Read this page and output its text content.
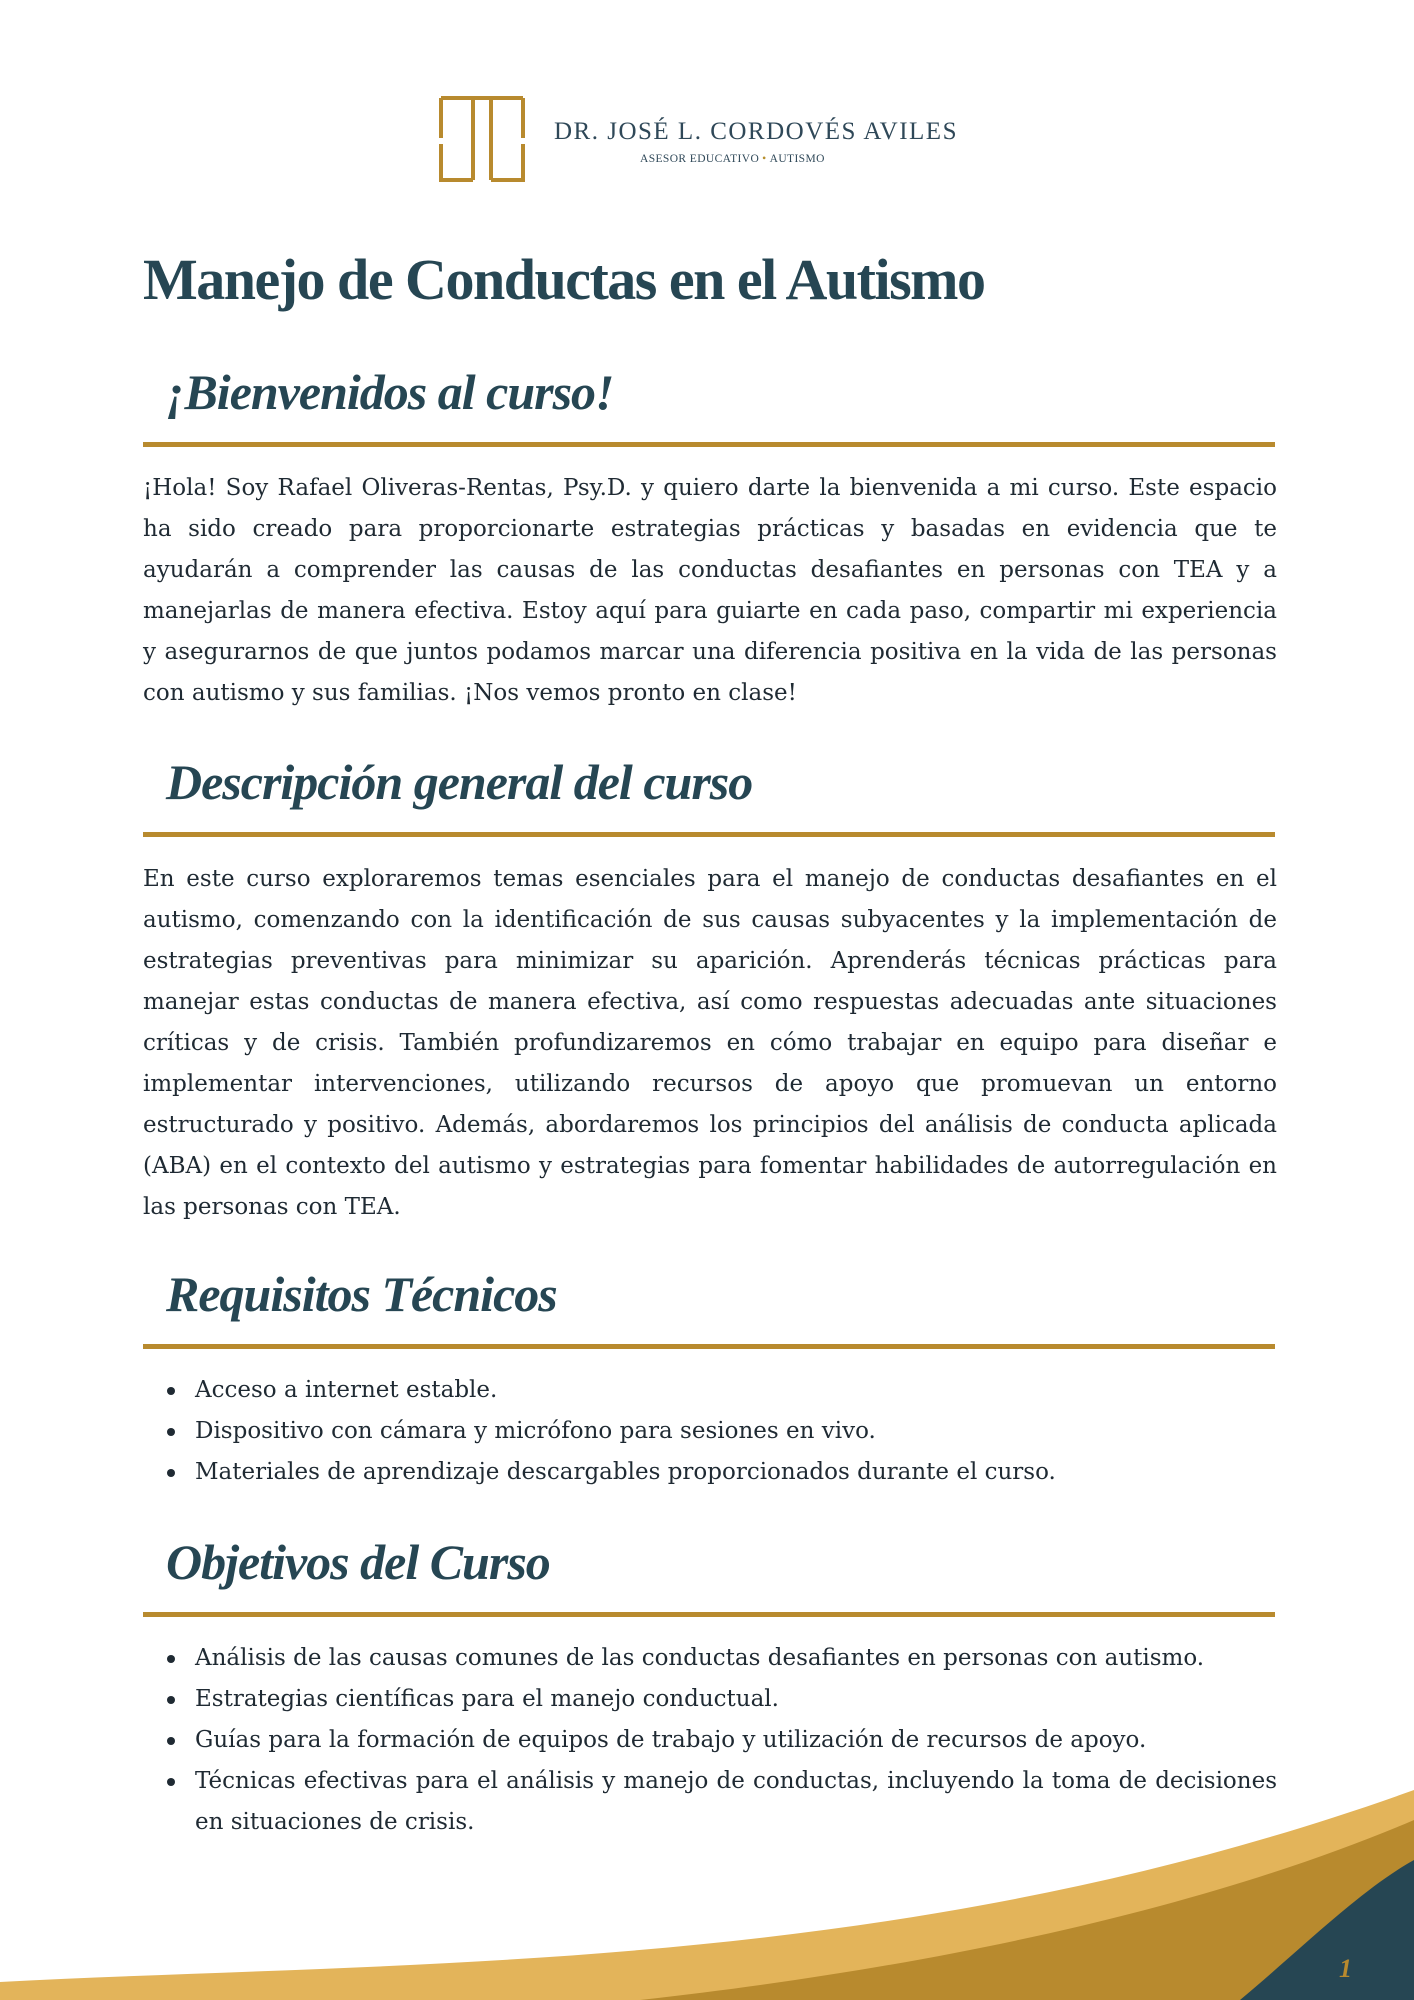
DR. JOSÉ L. CORDOVÉS AVILES
ASESOR EDUCATIVO • AUTISMO
Manejo de Conductas en el Autismo
¡Bienvenidos al curso!

¡Hola! Soy Rafael Oliveras-Rentas, Psy.D. y quiero darte la bienvenida a mi curso. Este espacio ha sido creado para proporcionarte estrategias prácticas y basadas en evidencia que te ayudarán a comprender las causas de las conductas desafiantes en personas con TEA y a manejarlas de manera efectiva. Estoy aquí para guiarte en cada paso, compartir mi experiencia y asegurarnos de que juntos podamos marcar una diferencia positiva en la vida de las personas con autismo y sus familias. ¡Nos vemos pronto en clase!

Descripción general del curso

En este curso exploraremos temas esenciales para el manejo de conductas desafiantes en el autismo, comenzando con la identificación de sus causas subyacentes y la implementación de estrategias preventivas para minimizar su aparición. Aprenderás técnicas prácticas para manejar estas conductas de manera efectiva, así como respuestas adecuadas ante situaciones críticas y de crisis. También profundizaremos en cómo trabajar en equipo para diseñar e implementar intervenciones, utilizando recursos de apoyo que promuevan un entorno estructurado y positivo. Además, abordaremos los principios del análisis de conducta aplicada (ABA) en el contexto del autismo y estrategias para fomentar habilidades de autorregulación en las personas con TEA.

Requisitos Técnicos
Acceso a internet estable.
Dispositivo con cámara y micrófono para sesiones en vivo.
Materiales de aprendizaje descargables proporcionados durante el curso.
Objetivos del Curso
Análisis de las causas comunes de las conductas desafiantes en personas con autismo.
Estrategias científicas para el manejo conductual.
Guías para la formación de equipos de trabajo y utilización de recursos de apoyo.
Técnicas efectivas para el análisis y manejo de conductas, incluyendo la toma de decisiones en situaciones de crisis.
1
